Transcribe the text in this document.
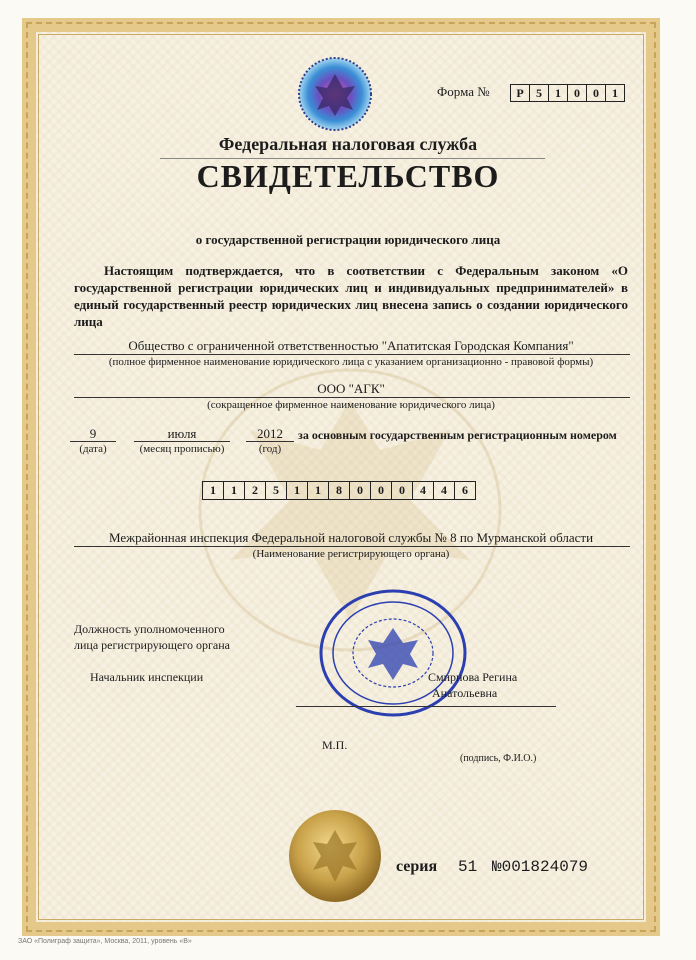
Форма №	Р	5	1	0	0	1
Федеральная налоговая служба
СВИДЕТЕЛЬСТВО
о государственной регистрации юридического лица
Настоящим подтверждается, что в соответствии с Федеральным законом «О государственной регистрации юридических лиц и индивидуальных предпринимателей» в единый государственный реестр юридических лиц внесена запись о создании юридического лица
Общество с ограниченной ответственностью "Апатитская Городская Компания"
(полное фирменное наименование юридического лица с указанием организационно - правовой формы)
ООО "АГК"
(сокращенное фирменное наименование юридического лица)
9
(дата)
июля
(месяц прописью)
2012
(год)
за основным государственным регистрационным номером
1	1	2	5	1	1	8	0	0	0	4	4	6
Межрайонная инспекция Федеральной налоговой службы № 8 по Мурманской области
(Наименование регистрирующего органа)
Должность уполномоченного
лица регистрирующего органа
Начальник инспекции	Смирнова Регина
Анатольевна
М.П.
(подпись, Ф.И.О.)
серия 51 №001824079
ЗАО «Полиграф защита», Москва, 2011, уровень «В»
